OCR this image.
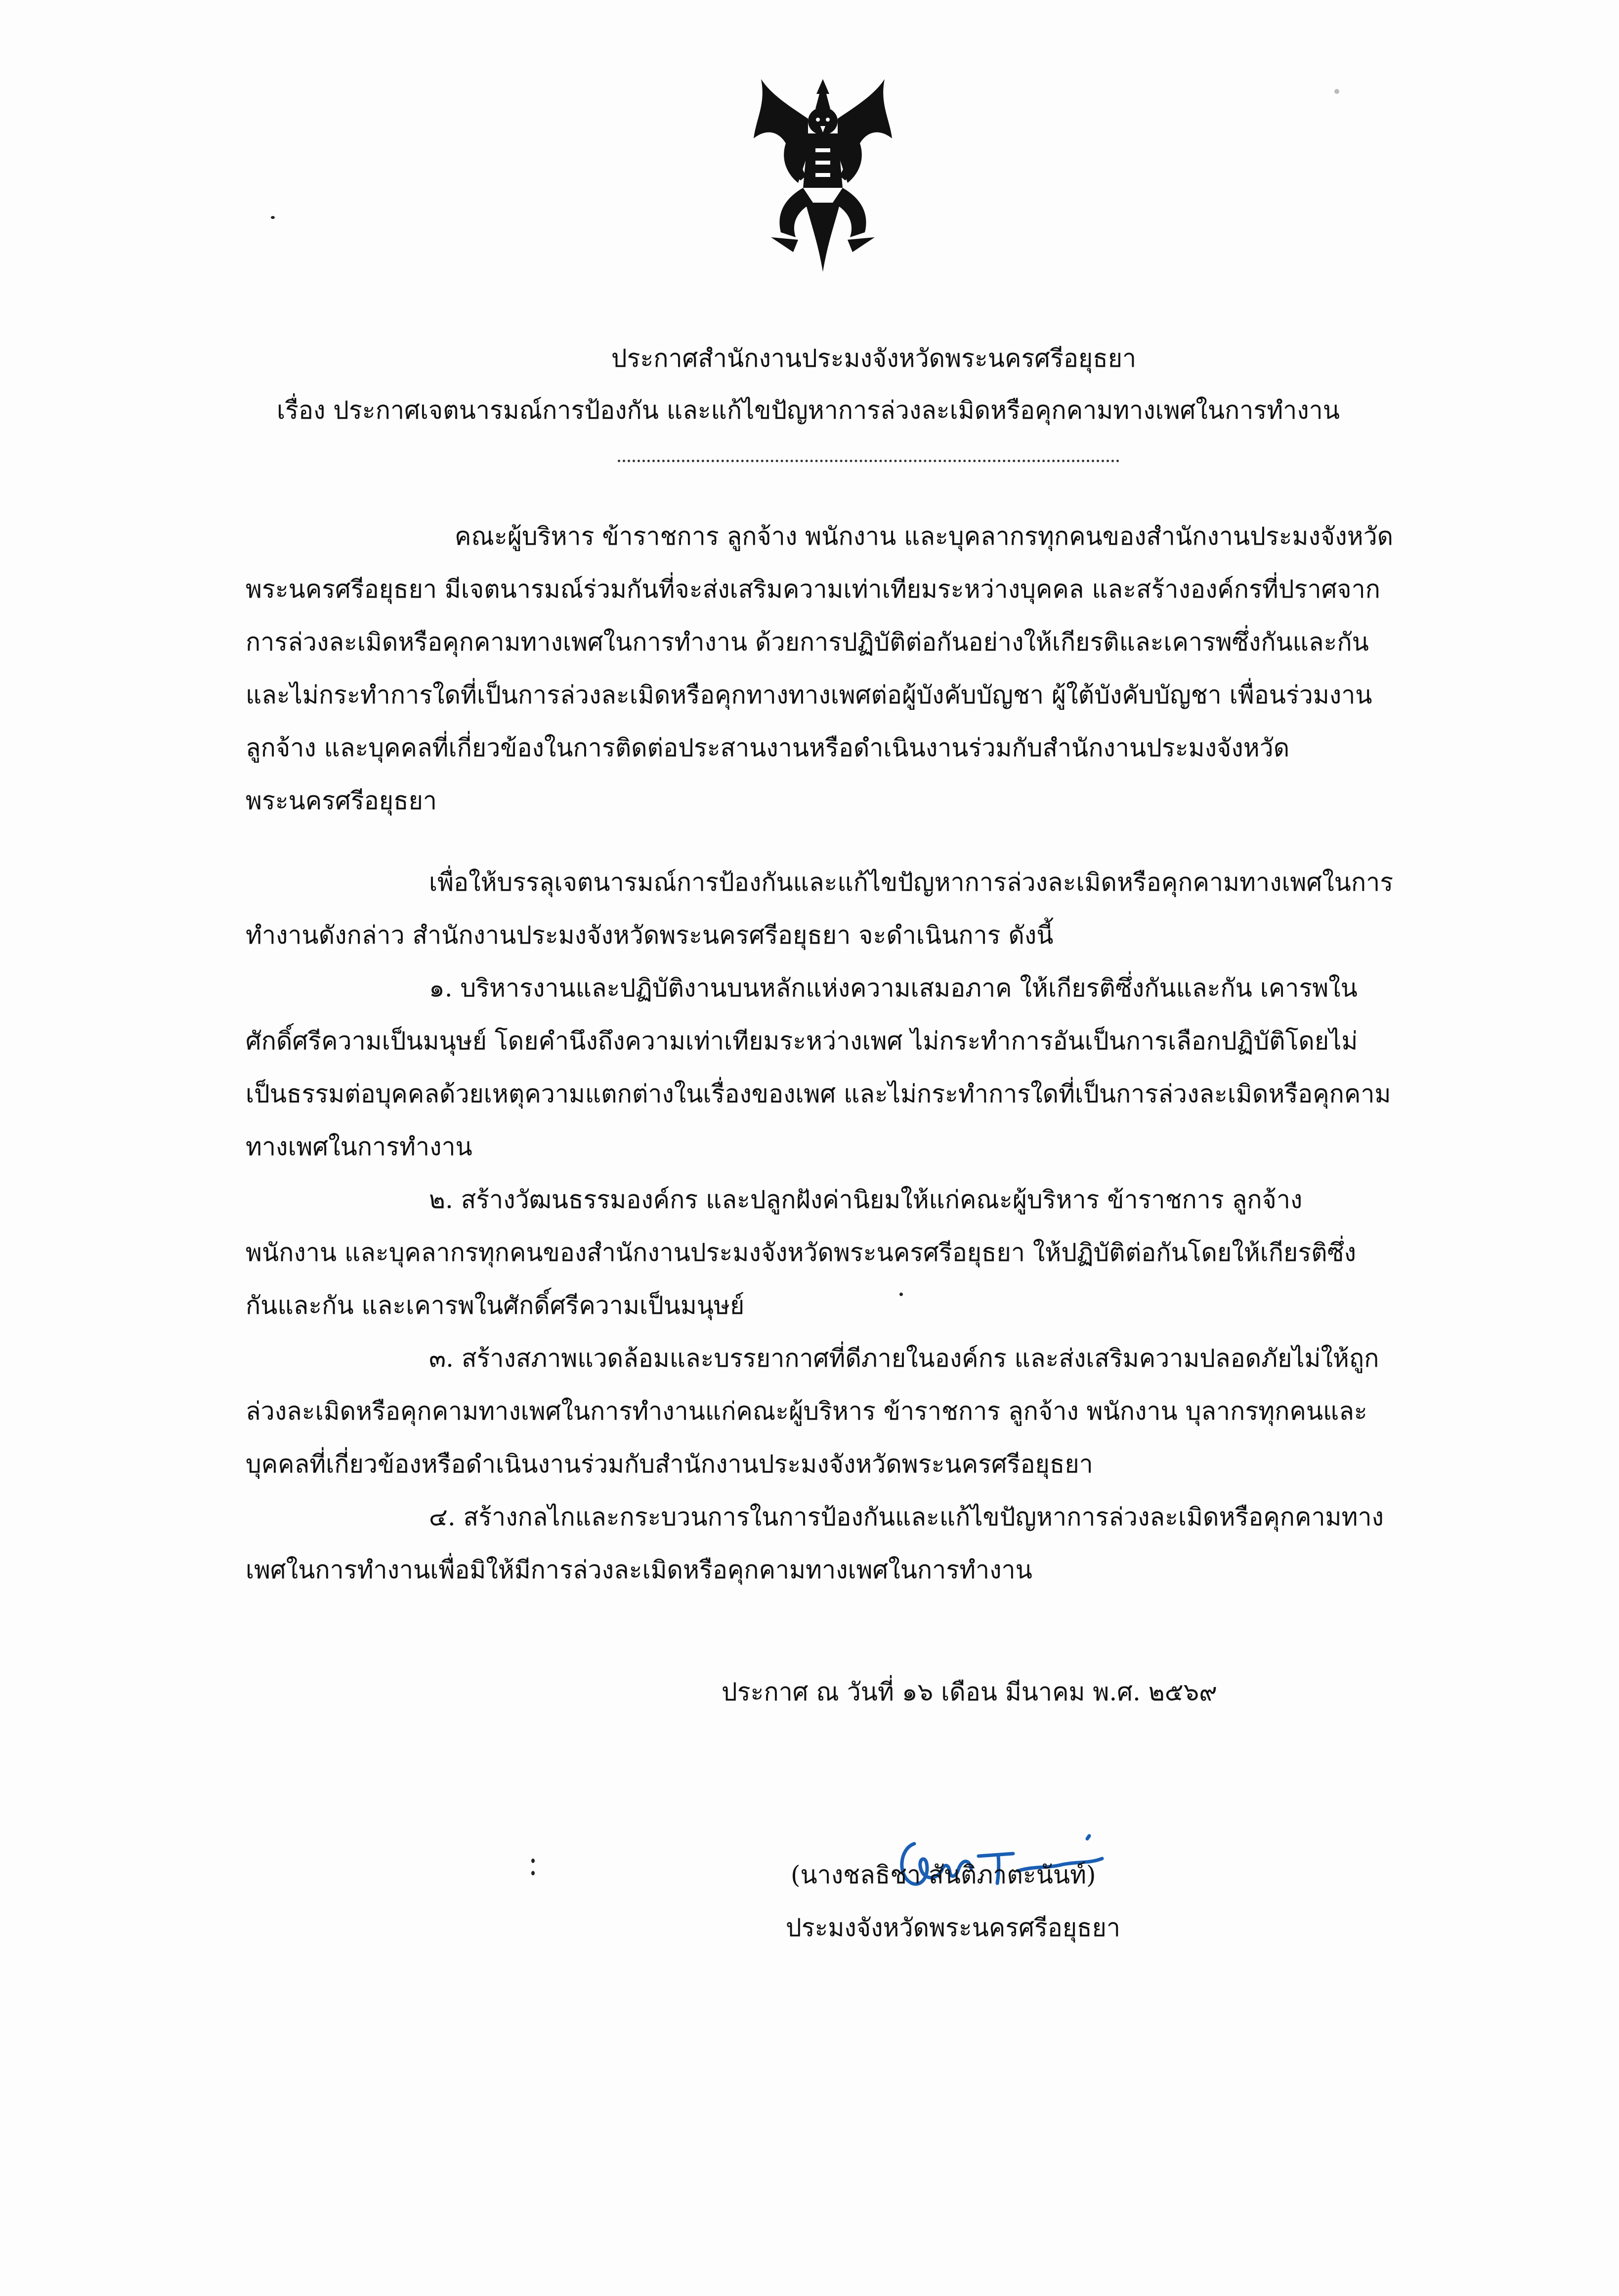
ประกาศสำนักงานประมงจังหวัดพระนครศรีอยุธยา
เรื่อง ประกาศเจตนารมณ์การป้องกัน และแก้ไขปัญหาการล่วงละเมิดหรือคุกคามทางเพศในการทำงาน
คณะผู้บริหาร ข้าราชการ ลูกจ้าง พนักงาน และบุคลากรทุกคนของสำนักงานประมงจังหวัด
พระนครศรีอยุธยา มีเจตนารมณ์ร่วมกันที่จะส่งเสริมความเท่าเทียมระหว่างบุคคล และสร้างองค์กรที่ปราศจาก
การล่วงละเมิดหรือคุกคามทางเพศในการทำงาน ด้วยการปฏิบัติต่อกันอย่างให้เกียรติและเคารพซึ่งกันและกัน
และไม่กระทำการใดที่เป็นการล่วงละเมิดหรือคุกทางทางเพศต่อผู้บังคับบัญชา ผู้ใต้บังคับบัญชา เพื่อนร่วมงาน
ลูกจ้าง และบุคคลที่เกี่ยวข้องในการติดต่อประสานงานหรือดำเนินงานร่วมกับสำนักงานประมงจังหวัด
พระนครศรีอยุธยา
เพื่อให้บรรลุเจตนารมณ์การป้องกันและแก้ไขปัญหาการล่วงละเมิดหรือคุกคามทางเพศในการ
ทำงานดังกล่าว สำนักงานประมงจังหวัดพระนครศรีอยุธยา จะดำเนินการ ดังนี้
๑. บริหารงานและปฏิบัติงานบนหลักแห่งความเสมอภาค ให้เกียรติซึ่งกันและกัน เคารพใน
ศักดิ์ศรีความเป็นมนุษย์ โดยคำนึงถึงความเท่าเทียมระหว่างเพศ ไม่กระทำการอันเป็นการเลือกปฏิบัติโดยไม่
เป็นธรรมต่อบุคคลด้วยเหตุความแตกต่างในเรื่องของเพศ และไม่กระทำการใดที่เป็นการล่วงละเมิดหรือคุกคาม
ทางเพศในการทำงาน
๒. สร้างวัฒนธรรมองค์กร และปลูกฝังค่านิยมให้แก่คณะผู้บริหาร ข้าราชการ ลูกจ้าง
พนักงาน และบุคลากรทุกคนของสำนักงานประมงจังหวัดพระนครศรีอยุธยา ให้ปฏิบัติต่อกันโดยให้เกียรติซึ่ง
กันและกัน และเคารพในศักดิ์ศรีความเป็นมนุษย์
๓. สร้างสภาพแวดล้อมและบรรยากาศที่ดีภายในองค์กร และส่งเสริมความปลอดภัยไม่ให้ถูก
ล่วงละเมิดหรือคุกคามทางเพศในการทำงานแก่คณะผู้บริหาร ข้าราชการ ลูกจ้าง พนักงาน บุลากรทุกคนและ
บุคคลที่เกี่ยวข้องหรือดำเนินงานร่วมกับสำนักงานประมงจังหวัดพระนครศรีอยุธยา
๔. สร้างกลไกและกระบวนการในการป้องกันและแก้ไขปัญหาการล่วงละเมิดหรือคุกคามทาง
เพศในการทำงานเพื่อมิให้มีการล่วงละเมิดหรือคุกคามทางเพศในการทำงาน
ประกาศ ณ วันที่ ๑๖ เดือน มีนาคม พ.ศ. ๒๕๖๙
(นางชลธิชา สันติภาตะนันท์)
ประมงจังหวัดพระนครศรีอยุธยา
